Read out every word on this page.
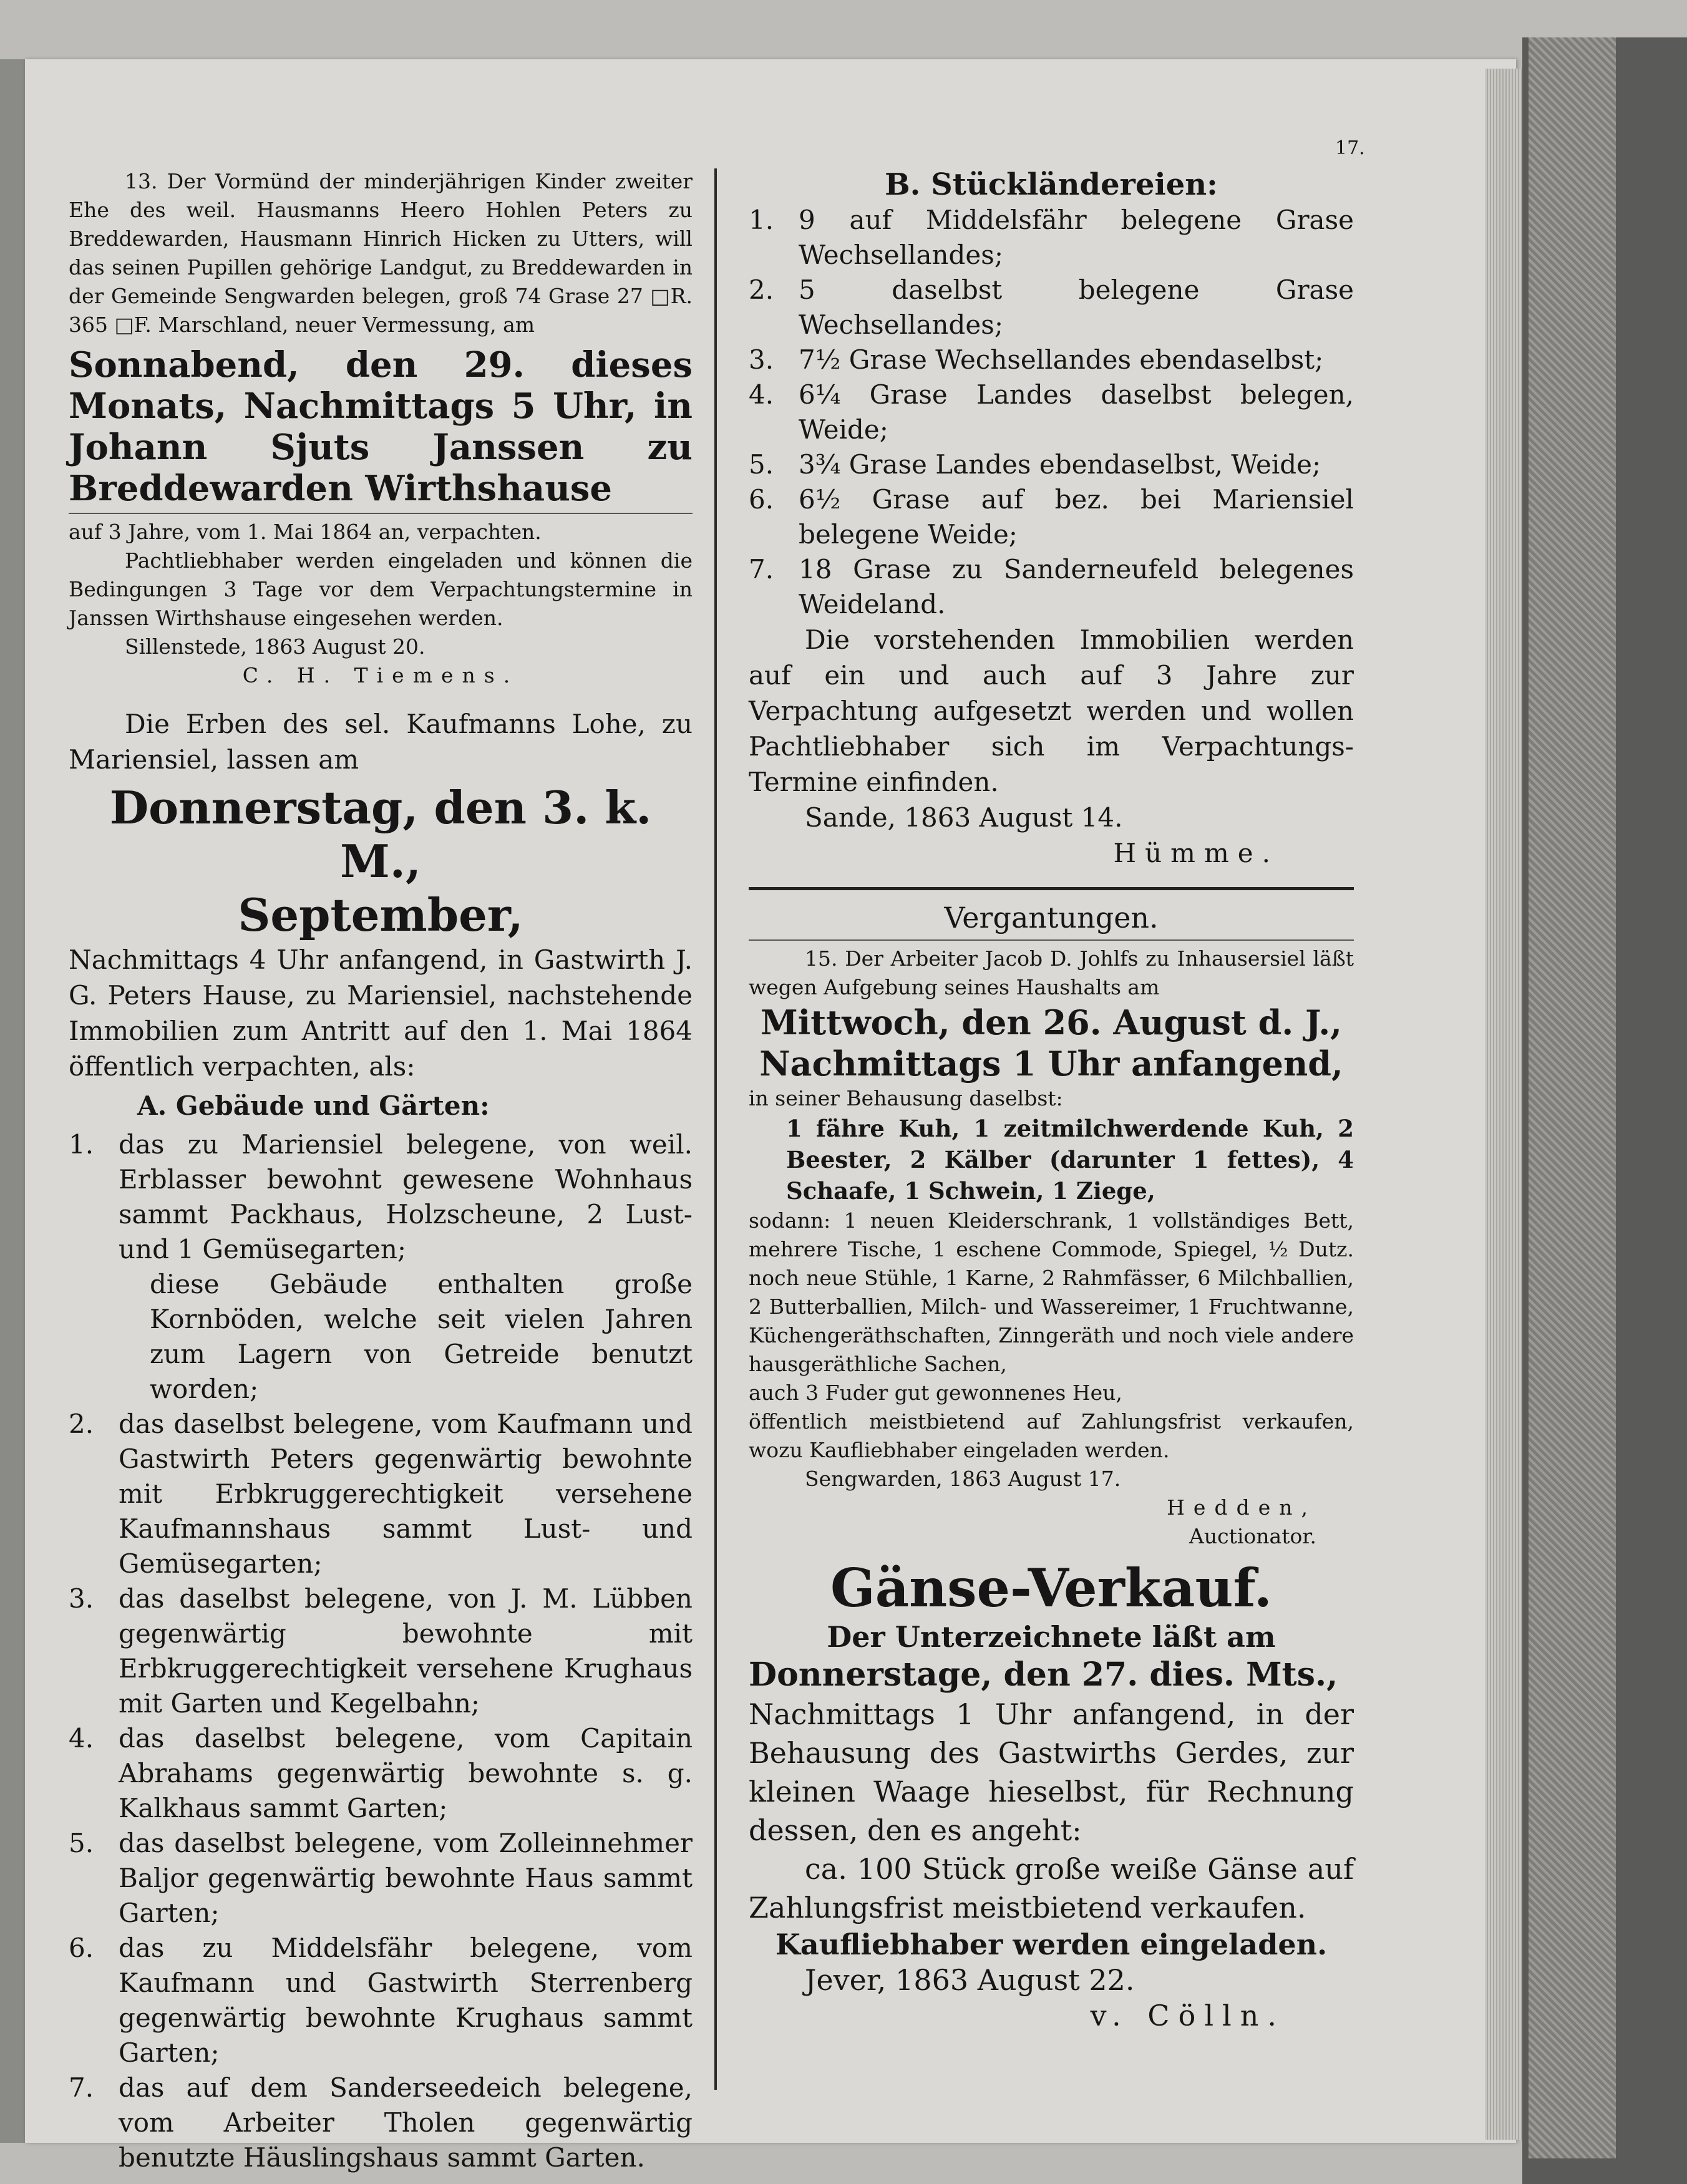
17.

13. Der Vormünd der minderjährigen Kinder zweiter Ehe des weil. Hausmanns Heero Hohlen Peters zu Breddewarden, Hausmann Hinrich Hicken zu Utters, will das seinen Pupillen gehörige Landgut, zu Breddewarden in der Gemeinde Sengwarden belegen, groß 74 Grase 27 □R. 365 □F. Marschland, neuer Vermessung, am

Sonnabend, den 29. dieses Monats, Nachmittags 5 Uhr, in Johann Sjuts Janssen zu Breddewarden Wirthshause

auf 3 Jahre, vom 1. Mai 1864 an, verpachten.

Pachtliebhaber werden eingeladen und können die Bedingungen 3 Tage vor dem Verpachtungstermine in Janssen Wirthshause eingesehen werden.

Sillenstede, 1863 August 20.

C. H. Tiemens.

Die Erben des sel. Kaufmanns Lohe, zu Mariensiel, lassen am

Donnerstag, den 3. k. M.,

September,

Nachmittags 4 Uhr anfangend, in Gastwirth J. G. Peters Hause, zu Mariensiel, nachstehende Immobilien zum Antritt auf den 1. Mai 1864 öffentlich verpachten, als:

A. Gebäude und Gärten:

1. das zu Mariensiel belegene, von weil. Erblasser bewohnt gewesene Wohnhaus sammt Packhaus, Holzscheune, 2 Lust- und 1 Gemüsegarten;
diese Gebäude enthalten große Kornböden, welche seit vielen Jahren zum Lagern von Getreide benutzt worden;
2. das daselbst belegene, vom Kaufmann und Gastwirth Peters gegenwärtig bewohnte mit Erbkruggerechtigkeit versehene Kaufmannshaus sammt Lust- und Gemüsegarten;
3. das daselbst belegene, von J. M. Lübben gegenwärtig bewohnte mit Erbkruggerechtigkeit versehene Krughaus mit Garten und Kegelbahn;
4. das daselbst belegene, vom Capitain Abrahams gegenwärtig bewohnte s. g. Kalkhaus sammt Garten;
5. das daselbst belegene, vom Zolleinnehmer Baljor gegenwärtig bewohnte Haus sammt Garten;
6. das zu Middelsfähr belegene, vom Kaufmann und Gastwirth Sterrenberg gegenwärtig bewohnte Krughaus sammt Garten;
7. das auf dem Sanderseedeich belegene, vom Arbeiter Tholen gegenwärtig benutzte Häuslingshaus sammt Garten.

B. Stückländereien:

1. 9 auf Middelsfähr belegene Grase Wechsellandes;
2. 5 daselbst belegene Grase Wechsellandes;
3. 7½ Grase Wechsellandes ebendaselbst;
4. 6¼ Grase Landes daselbst belegen, Weide;
5. 3¾ Grase Landes ebendaselbst, Weide;
6. 6½ Grase auf bez. bei Mariensiel belegene Weide;
7. 18 Grase zu Sanderneufeld belegenes Weideland.

Die vorstehenden Immobilien werden auf ein und auch auf 3 Jahre zur Verpachtung aufgesetzt werden und wollen Pachtliebhaber sich im Verpachtungs-Termine einfinden.

Sande, 1863 August 14.

Hümme.

Vergantungen.

15. Der Arbeiter Jacob D. Johlfs zu Inhausersiel läßt wegen Aufgebung seines Haushalts am

Mittwoch, den 26. August d. J.,

Nachmittags 1 Uhr anfangend,

in seiner Behausung daselbst:

1 fähre Kuh, 1 zeitmilchwerdende Kuh, 2 Beester, 2 Kälber (darunter 1 fettes), 4 Schaafe, 1 Schwein, 1 Ziege,

sodann: 1 neuen Kleiderschrank, 1 vollständiges Bett, mehrere Tische, 1 eschene Commode, Spiegel, ½ Dutz. noch neue Stühle, 1 Karne, 2 Rahmfässer, 6 Milchballien, 2 Butterballien, Milch- und Wassereimer, 1 Fruchtwanne, Küchengeräthschaften, Zinngeräth und noch viele andere hausgeräthliche Sachen,

auch 3 Fuder gut gewonnenes Heu,

öffentlich meistbietend auf Zahlungsfrist verkaufen, wozu Kaufliebhaber eingeladen werden.

Sengwarden, 1863 August 17.

Hedden,

Auctionator.

Gänse-Verkauf.

Der Unterzeichnete läßt am

Donnerstage, den 27. dies. Mts.,

Nachmittags 1 Uhr anfangend, in der Behausung des Gastwirths Gerdes, zur kleinen Waage hieselbst, für Rechnung dessen, den es angeht:

ca. 100 Stück große weiße Gänse auf Zahlungsfrist meistbietend verkaufen.

Kaufliebhaber werden eingeladen.

Jever, 1863 August 22.

v. Cölln.
